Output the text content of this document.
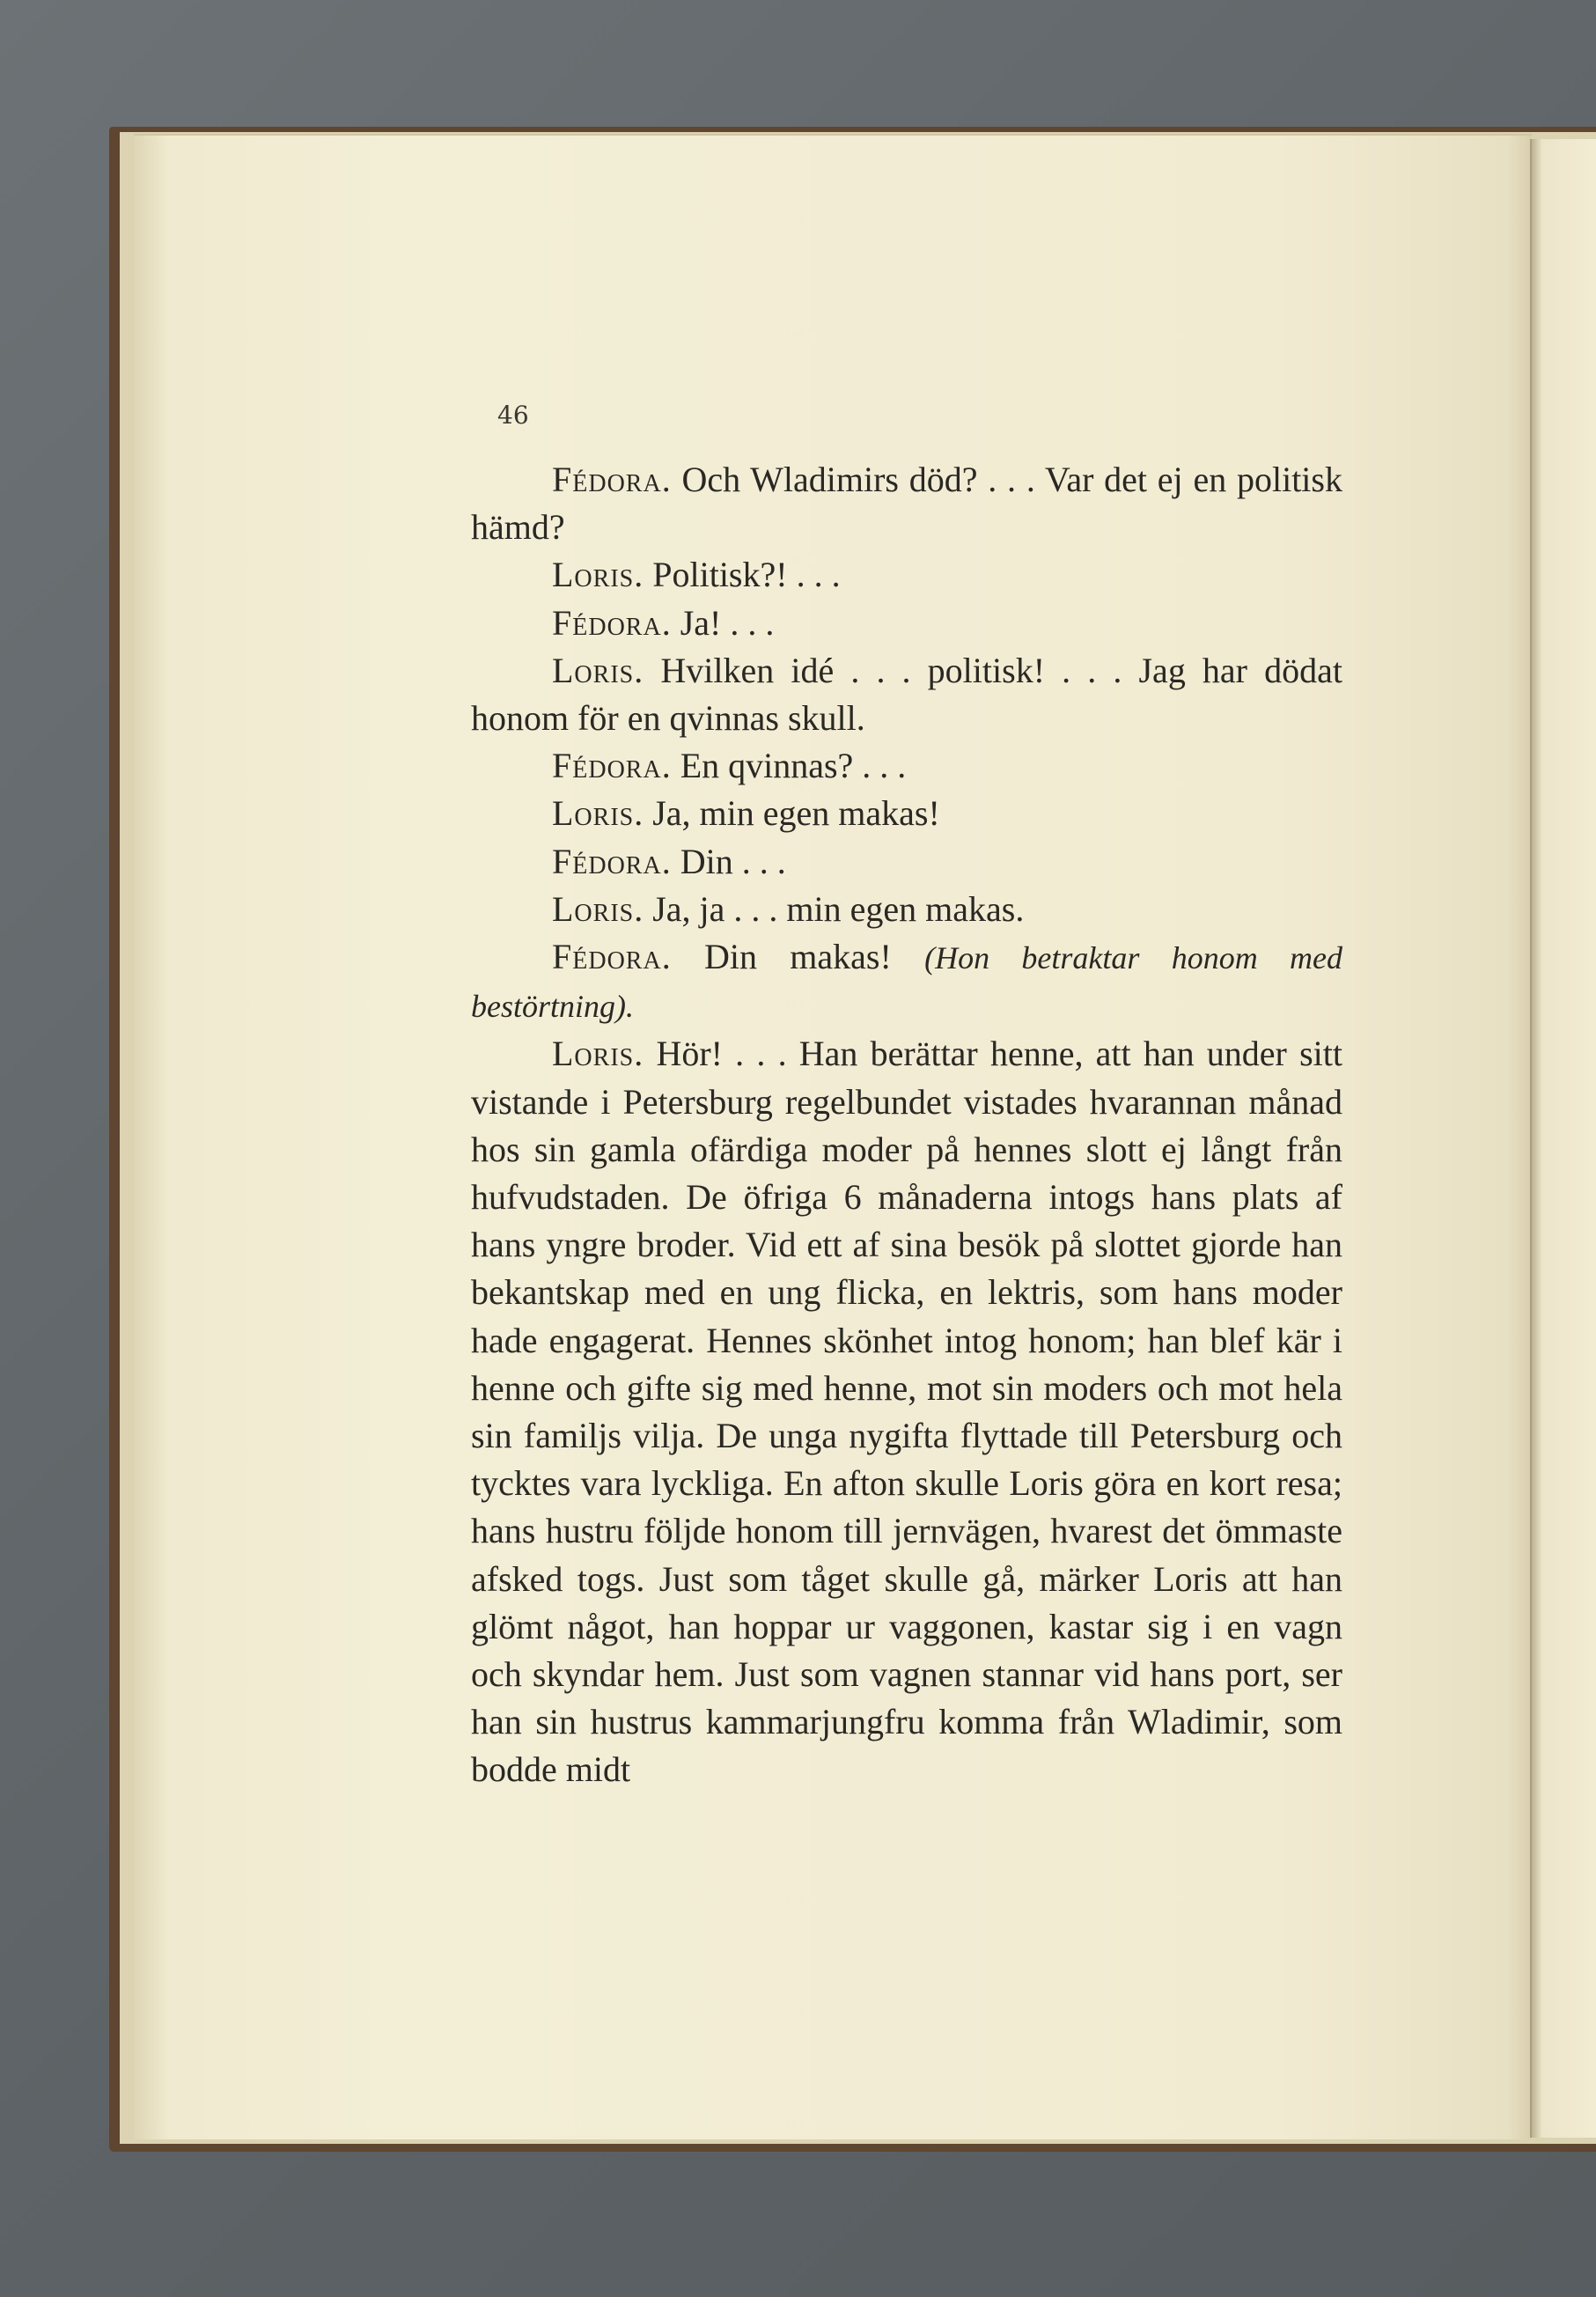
46

Fédora. Och Wladimirs död? . . . Var det ej en politisk hämd?

Loris. Politisk?! . . .

Fédora. Ja! . . .

Loris. Hvilken idé . . . politisk! . . . Jag har dödat honom för en qvinnas skull.

Fédora. En qvinnas? . . .

Loris. Ja, min egen makas!

Fédora. Din . . .

Loris. Ja, ja . . . min egen makas.

Fédora. Din makas! (Hon betraktar honom med bestörtning).

Loris. Hör! . . . Han berättar henne, att han under sitt vistande i Petersburg regelbundet vistades hvarannan månad hos sin gamla ofärdiga moder på hennes slott ej långt från hufvudstaden. De öfriga 6 månaderna intogs hans plats af hans yngre broder. Vid ett af sina besök på slottet gjorde han bekantskap med en ung flicka, en lektris, som hans moder hade engagerat. Hennes skönhet intog honom; han blef kär i henne och gifte sig med henne, mot sin moders och mot hela sin familjs vilja. De unga nygifta flyttade till Petersburg och tycktes vara lyckliga. En afton skulle Loris göra en kort resa; hans hustru följde honom till jernvägen, hvarest det ömmaste afsked togs. Just som tåget skulle gå, märker Loris att han glömt något, han hoppar ur vaggonen, kastar sig i en vagn och skyndar hem. Just som vagnen stannar vid hans port, ser han sin hustrus kammarjungfru komma från Wladimir, som bodde midt
